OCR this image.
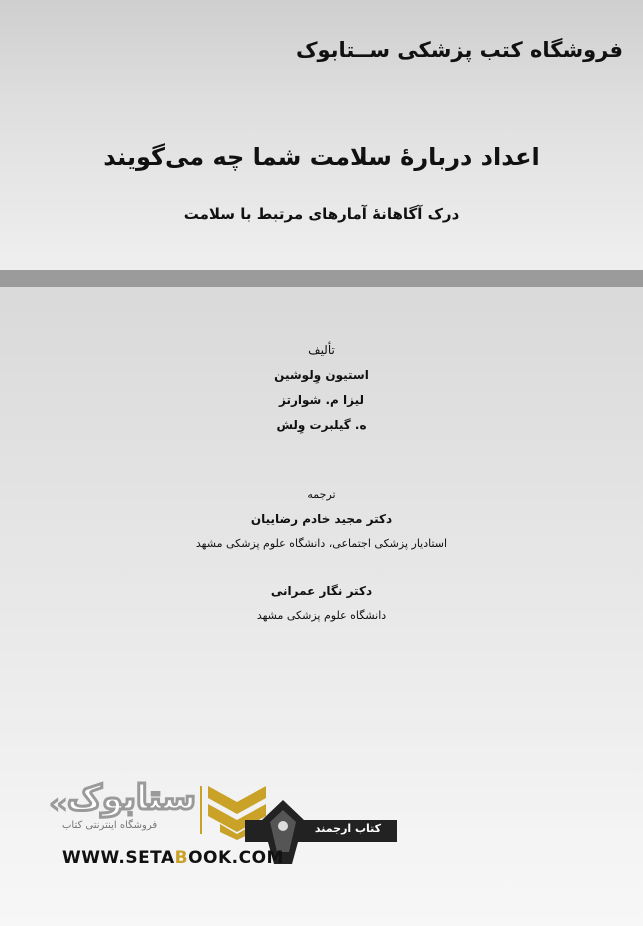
فروشگاه کتب پزشکی ســتابوک
اعداد دربارۀ سلامت شما چه می‌گویند
درک آگاهانۀ آمارهای مرتبط با سلامت
تألیف
استیون وِلوشین
لیزا م. شوارتز
ه. گیلبرت وِلش
ترجمه
دکتر مجید خادم رضاییان
استادیار پزشکی اجتماعی، دانشگاه علوم پزشکی مشهد
دکتر نگار عمرانی
دانشگاه علوم پزشکی مشهد
« ستابوک
فروشگاه اینترنتی کتاب	کتاب ارجمند
WWW.SETABOOK.COM
